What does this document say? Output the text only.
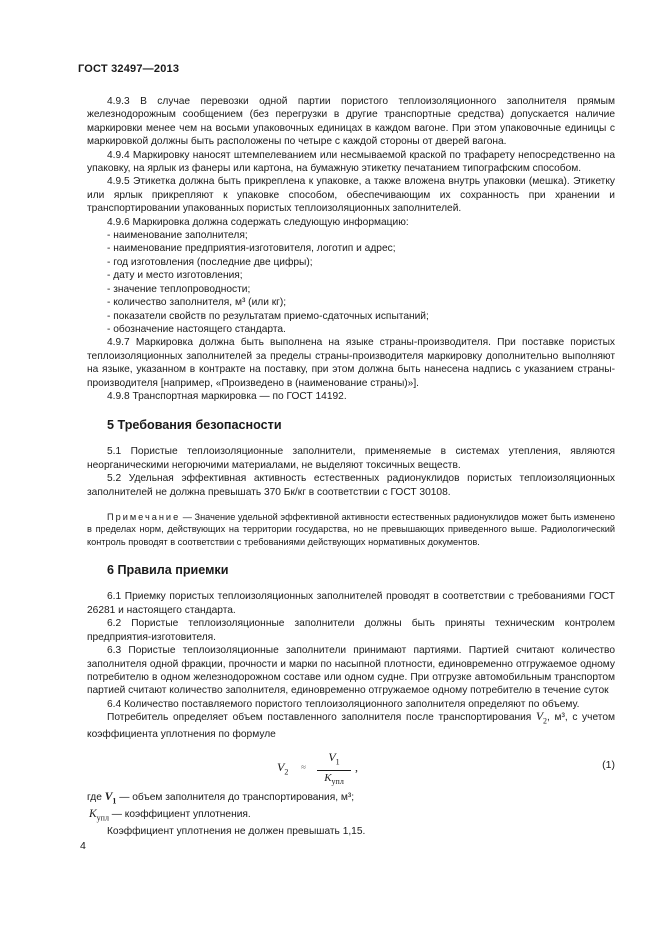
ГОСТ 32497—2013

4.9.3 В случае перевозки одной партии пористого теплоизоляционного заполнителя прямым железнодорожным сообщением (без перегрузки в другие транспортные средства) допускается наличие маркировки менее чем на восьми упаковочных единицах в каждом вагоне. При этом упаковочные единицы с маркировкой должны быть расположены по четыре с каждой стороны от дверей вагона.

4.9.4 Маркировку наносят штемпелеванием или несмываемой краской по трафарету непосредственно на упаковку, на ярлык из фанеры или картона, на бумажную этикетку печатанием типографским способом.

4.9.5 Этикетка должна быть прикреплена к упаковке, а также вложена внутрь упаковки (мешка). Этикетку или ярлык прикрепляют к упаковке способом, обеспечивающим их сохранность при хранении и транспортировании упакованных пористых теплоизоляционных заполнителей.

4.9.6 Маркировка должна содержать следующую информацию:

- наименование заполнителя;

- наименование предприятия-изготовителя, логотип и адрес;

- год изготовления (последние две цифры);

- дату и место изготовления;

- значение теплопроводности;

- количество заполнителя, м³ (или кг);

- показатели свойств по результатам приемо-сдаточных испытаний;

- обозначение настоящего стандарта.

4.9.7 Маркировка должна быть выполнена на языке страны-производителя. При поставке пористых теплоизоляционных заполнителей за пределы страны-производителя маркировку дополнительно выполняют на языке, указанном в контракте на поставку, при этом должна быть нанесена надпись с указанием страны-производителя [например, «Произведено в (наименование страны)»].

4.9.8 Транспортная маркировка — по ГОСТ 14192.

5 Требования безопасности

5.1 Пористые теплоизоляционные заполнители, применяемые в системах утепления, являются неорганическими негорючими материалами, не выделяют токсичных веществ.

5.2 Удельная эффективная активность естественных радионуклидов пористых теплоизоляционных заполнителей не должна превышать 370 Бк/кг в соответствии с ГОСТ 30108.

Примечание — Значение удельной эффективной активности естественных радионуклидов может быть изменено в пределах норм, действующих на территории государства, но не превышающих приведенного выше. Радиологический контроль проводят в соответствии с требованиями действующих нормативных документов.

6 Правила приемки

6.1 Приемку пористых теплоизоляционных заполнителей проводят в соответствии с требованиями ГОСТ 26281 и настоящего стандарта.

6.2 Пористые теплоизоляционные заполнители должны быть приняты техническим контролем предприятия-изготовителя.

6.3 Пористые теплоизоляционные заполнители принимают партиями. Партией считают количество заполнителя одной фракции, прочности и марки по насыпной плотности, единовременно отгружаемое одному потребителю в одном железнодорожном составе или одном судне. При отгрузке автомобильным транспортом партией считают количество заполнителя, единовременно отгружаемое одному потребителю в течение суток

6.4 Количество поставляемого пористого теплоизоляционного заполнителя определяют по объему.

Потребитель определяет объем поставленного заполнителя после транспортирования $V_2$, м³, с учетом коэффициента уплотнения по формуле

$V_2$ ≈
$V_1$
$K_{упл}$
,	(1)

где $V_1$ — объем заполнителя до транспортирования, м³;

$K_{упл}$ — коэффициент уплотнения.

Коэффициент уплотнения не должен превышать 1,15.

4
